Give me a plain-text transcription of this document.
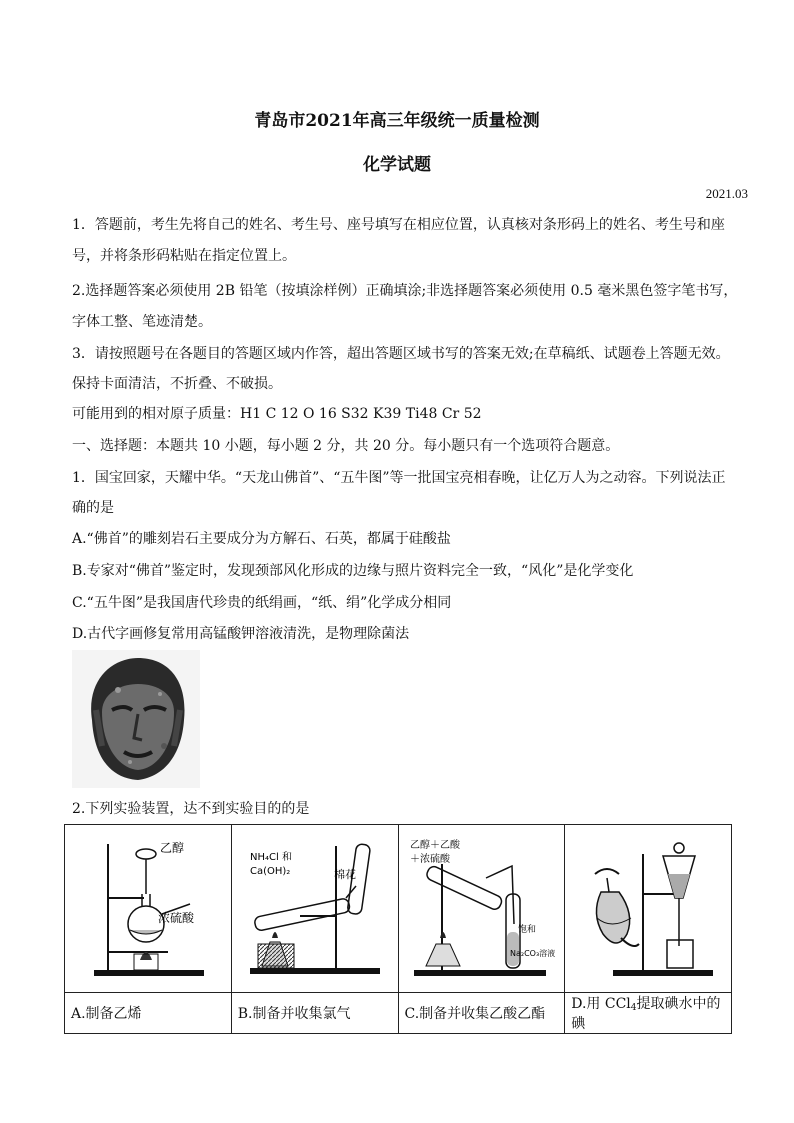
青岛市2021年高三年级统一质量检测
化学试题
2021.03
1．答题前，考生先将自己的姓名、考生号、座号填写在相应位置，认真核对条形码上的姓名、考生号和座
号，并将条形码粘贴在指定位置上。
2.选择题答案必须使用 2B 铅笔（按填涂样例）正确填涂;非选择题答案必须使用 0.5 毫米黑色签字笔书写，
字体工整、笔迹清楚。
3．请按照题号在各题目的答题区域内作答，超出答题区域书写的答案无效;在草稿纸、试题卷上答题无效。
保持卡面清洁，不折叠、不破损。
可能用到的相对原子质量：H1 C 12 O 16 S32 K39 Ti48 Cr 52
一、选择题：本题共 10 小题，每小题 2 分，共 20 分。每小题只有一个选项符合题意。
1．国宝回家，天耀中华。“天龙山佛首”、“五牛图”等一批国宝亮相春晚，让亿万人为之动容。下列说法正
确的是
A.“佛首”的雕刻岩石主要成分为方解石、石英，都属于硅酸盐
B.专家对“佛首”鉴定时，发现颈部风化形成的边缘与照片资料完全一致，“风化”是化学变化
C.“五牛图”是我国唐代珍贵的纸绢画，“纸、绢”化学成分相同
D.古代字画修复常用高锰酸钾溶液清洗，是物理除菌法
2.下列实验装置，达不到实验目的的是
乙醇
浓硫酸	NH₄Cl 和
Ca(OH)₂ 棉花	乙醇＋乙酸
＋浓硫酸
饱和
Na₂CO₃溶液

A.制备乙烯	B.制备并收集氯气	C.制备并收集乙酸乙酯	D.用 CCl$_4$提取碘水中的碘
